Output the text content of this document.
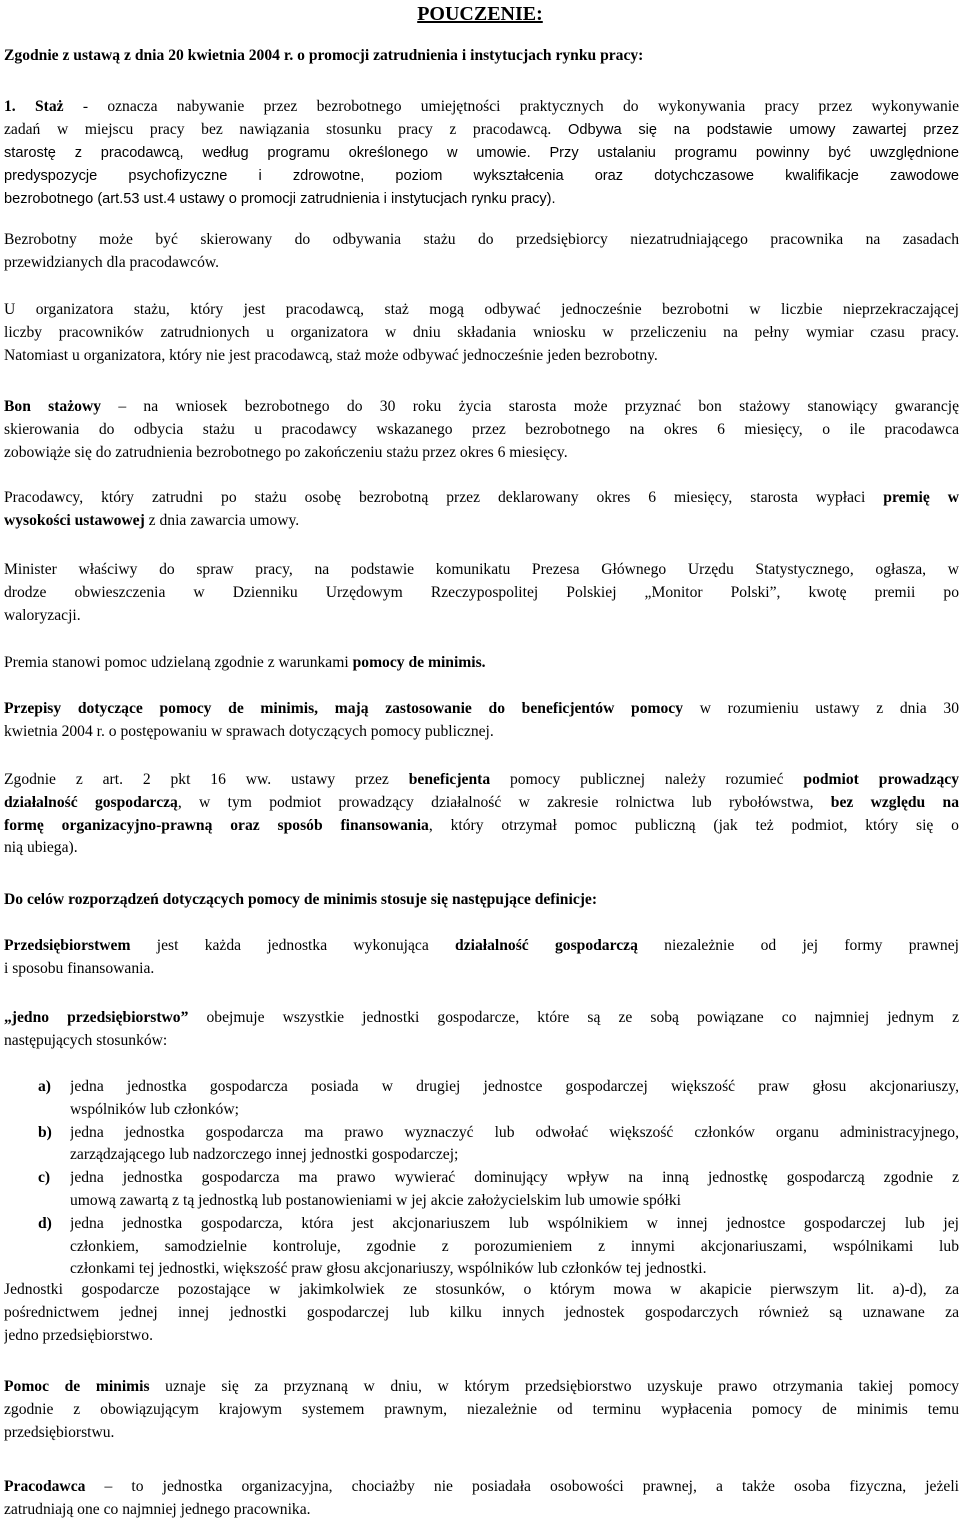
POUCZENIE:
Zgodnie z ustawą z dnia 20 kwietnia 2004 r. o promocji zatrudnienia i instytucjach rynku pracy:
1. Staż - oznacza nabywanie przez bezrobotnego umiejętności praktycznych do wykonywania pracy przez wykonywanie
zadań w miejscu pracy bez nawiązania stosunku pracy z pracodawcą. Odbywa się na podstawie umowy zawartej przez
starostę z pracodawcą, według programu określonego w umowie. Przy ustalaniu programu powinny być uwzględnione
predyspozycje psychofizyczne i zdrowotne, poziom wykształcenia oraz dotychczasowe kwalifikacje zawodowe
bezrobotnego (art.53 ust.4 ustawy o promocji zatrudnienia i instytucjach rynku pracy).
Bezrobotny może być skierowany do odbywania stażu do przedsiębiorcy niezatrudniającego pracownika na zasadach
przewidzianych dla pracodawców.
U organizatora stażu, który jest pracodawcą, staż mogą odbywać jednocześnie bezrobotni w liczbie nieprzekraczającej
liczby pracowników zatrudnionych u organizatora w dniu składania wniosku w przeliczeniu na pełny wymiar czasu pracy.
Natomiast u organizatora, który nie jest pracodawcą, staż może odbywać jednocześnie jeden bezrobotny.
Bon stażowy – na wniosek bezrobotnego do 30 roku życia starosta może przyznać bon stażowy stanowiący gwarancję
skierowania do odbycia stażu u pracodawcy wskazanego przez bezrobotnego na okres 6 miesięcy, o ile pracodawca
zobowiąże się do zatrudnienia bezrobotnego po zakończeniu stażu przez okres 6 miesięcy.
Pracodawcy, który zatrudni po stażu osobę bezrobotną przez deklarowany okres 6 miesięcy, starosta wypłaci premię w
wysokości ustawowej z dnia zawarcia umowy.
Minister właściwy do spraw pracy, na podstawie komunikatu Prezesa Głównego Urzędu Statystycznego, ogłasza, w
drodze obwieszczenia w Dzienniku Urzędowym Rzeczypospolitej Polskiej „Monitor Polski”, kwotę premii po
waloryzacji.
Premia stanowi pomoc udzielaną zgodnie z warunkami pomocy de minimis.
Przepisy dotyczące pomocy de minimis, mają zastosowanie do beneficjentów pomocy w rozumieniu ustawy z dnia 30
kwietnia 2004 r. o postępowaniu w sprawach dotyczących pomocy publicznej.
Zgodnie z art. 2 pkt 16 ww. ustawy przez beneficjenta pomocy publicznej należy rozumieć podmiot prowadzący
działalność gospodarczą, w tym podmiot prowadzący działalność w zakresie rolnictwa lub rybołówstwa, bez względu na
formę organizacyjno-prawną oraz sposób finansowania, który otrzymał pomoc publiczną (jak też podmiot, który się o
nią ubiega).
Do celów rozporządzeń dotyczących pomocy de minimis stosuje się następujące definicje:
Przedsiębiorstwem jest każda jednostka wykonująca działalność gospodarczą niezależnie od jej formy prawnej
i sposobu finansowania.
„jedno przedsiębiorstwo” obejmuje wszystkie jednostki gospodarcze, które są ze sobą powiązane co najmniej jednym z
następujących stosunków:
a)	jedna jednostka gospodarcza posiada w drugiej jednostce gospodarczej większość praw głosu akcjonariuszy,
wspólników lub członków;
b)	jedna jednostka gospodarcza ma prawo wyznaczyć lub odwołać większość członków organu administracyjnego,
zarządzającego lub nadzorczego innej jednostki gospodarczej;
c)	jedna jednostka gospodarcza ma prawo wywierać dominujący wpływ na inną jednostkę gospodarczą zgodnie z
umową zawartą z tą jednostką lub postanowieniami w jej akcie założycielskim lub umowie spółki
d)	jedna jednostka gospodarcza, która jest akcjonariuszem lub wspólnikiem w innej jednostce gospodarczej lub jej
członkiem, samodzielnie kontroluje, zgodnie z porozumieniem z innymi akcjonariuszami, wspólnikami lub
członkami tej jednostki, większość praw głosu akcjonariuszy, wspólników lub członków tej jednostki.
Jednostki gospodarcze pozostające w jakimkolwiek ze stosunków, o którym mowa w akapicie pierwszym lit. a)-d), za
pośrednictwem jednej innej jednostki gospodarczej lub kilku innych jednostek gospodarczych również są uznawane za
jedno przedsiębiorstwo.
Pomoc de minimis uznaje się za przyznaną w dniu, w którym przedsiębiorstwo uzyskuje prawo otrzymania takiej pomocy
zgodnie z obowiązującym krajowym systemem prawnym, niezależnie od terminu wypłacenia pomocy de minimis temu
przedsiębiorstwu.
Pracodawca – to jednostka organizacyjna, chociażby nie posiadała osobowości prawnej, a także osoba fizyczna, jeżeli
zatrudniają one co najmniej jednego pracownika.
